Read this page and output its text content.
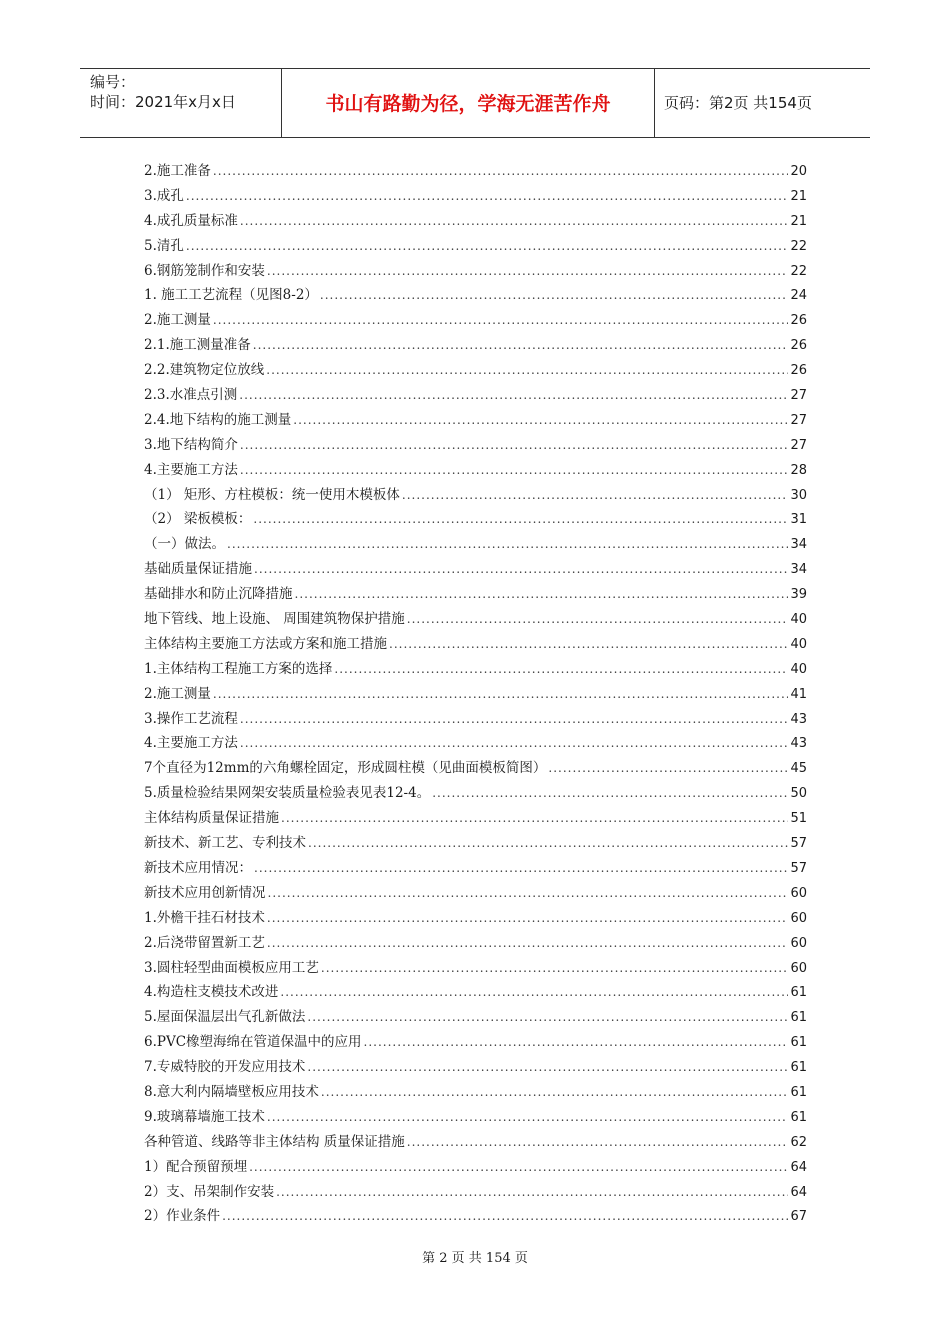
编号：
时间：2021年x月x日	书山有路勤为径，学海无涯苦作舟	页码：第2页 共154页
2.施工准备 .....	20
3.成孔 .....	21
4.成孔质量标准 .....	21
5.清孔 .....	22
6.钢筋笼制作和安装 .....	22
1. 施工工艺流程（见图8-2） .....	24
2.施工测量 .....	26
2.1.施工测量准备 .....	26
2.2.建筑物定位放线 .....	26
2.3.水准点引测 .....	27
2.4.地下结构的施工测量 .....	27
3.地下结构简介 .....	27
4.主要施工方法 .....	28
（1） 矩形、方柱模板：统一使用木模板体 .....	30
（2） 梁板模板： .....	31
（一）做法。 .....	34
基础质量保证措施 .....	34
基础排水和防止沉降措施 .....	39
地下管线、地上设施、 周围建筑物保护措施 .....	40
主体结构主要施工方法或方案和施工措施 .....	40
1.主体结构工程施工方案的选择 .....	40
2.施工测量 .....	41
3.操作工艺流程 .....	43
4.主要施工方法 .....	43
7个直径为12mm的六角螺栓固定，形成圆柱模（见曲面模板简图） .....	45
5.质量检验结果网架安装质量检验表见表12-4。 .....	50
主体结构质量保证措施 .....	51
新技术、新工艺、专利技术 .....	57
新技术应用情况： .....	57
新技术应用创新情况 .....	60
1.外檐干挂石材技术 .....	60
2.后浇带留置新工艺 .....	60
3.圆柱轻型曲面模板应用工艺 .....	60
4.构造柱支模技术改进 .....	61
5.屋面保温层出气孔新做法 .....	61
6.PVC橡塑海绵在管道保温中的应用 .....	61
7.专威特胶的开发应用技术 .....	61
8.意大利内隔墙壁板应用技术 .....	61
9.玻璃幕墙施工技术 .....	61
各种管道、线路等非主体结构 质量保证措施 .....	62
1）配合预留预埋 .....	64
2）支、吊架制作安装 .....	64
2）作业条件 .....	67
第 2 页 共 154 页
